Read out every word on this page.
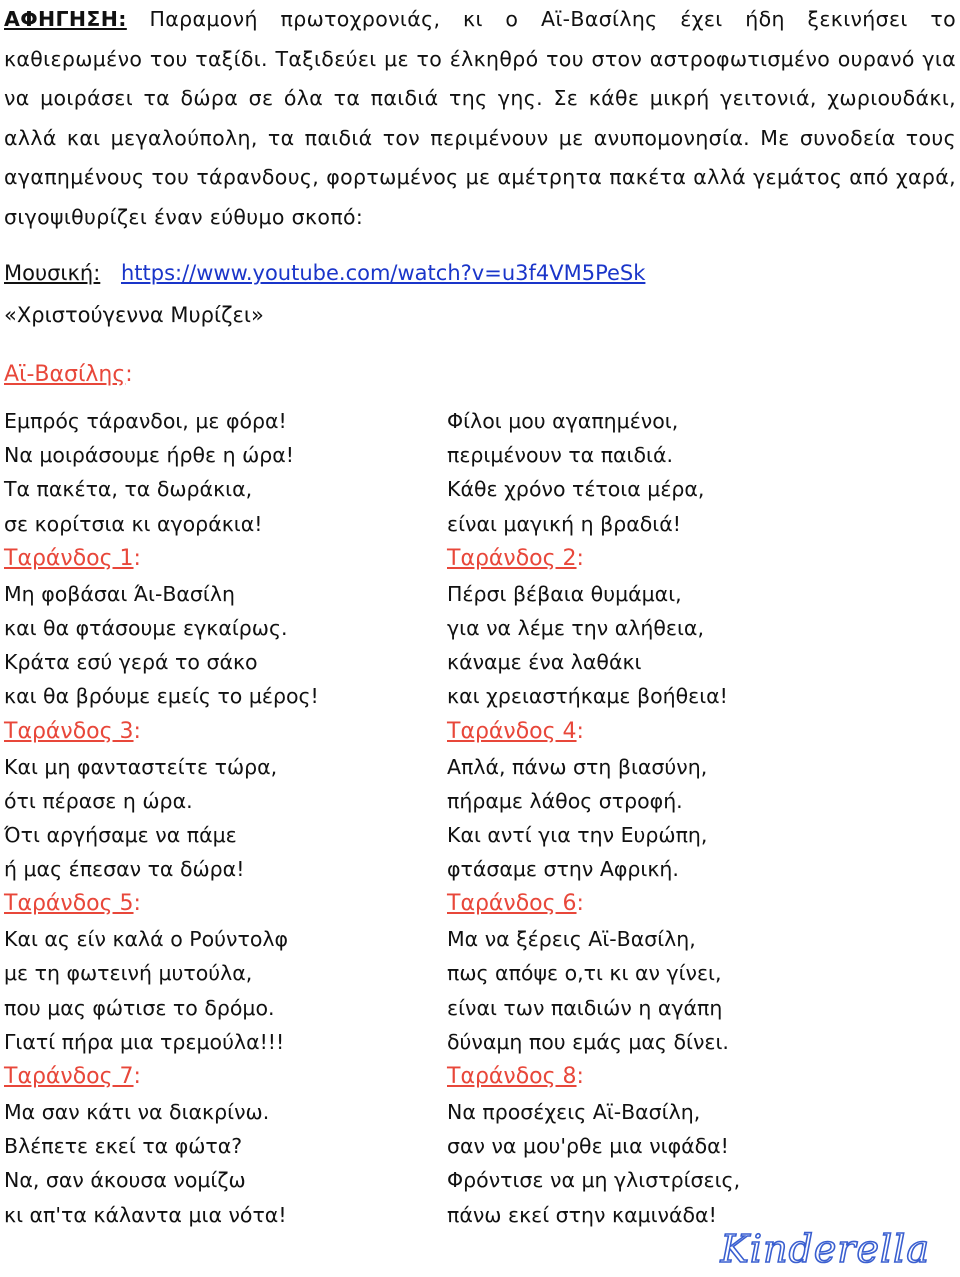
ΑΦΗΓΗΣΗ: Παραμονή πρωτοχρονιάς, κι ο Αϊ-Βασίλης έχει ήδη ξεκινήσει το καθιερωμένο του ταξίδι. Ταξιδεύει με το έλκηθρό του στον αστροφωτισμένο ουρανό για να μοιράσει τα δώρα σε όλα τα παιδιά της γης. Σε κάθε μικρή γειτονιά, χωριουδάκι, αλλά και μεγαλούπολη, τα παιδιά τον περιμένουν με ανυπομονησία. Με συνοδεία τους αγαπημένους του τάρανδους, φορτωμένος με αμέτρητα πακέτα αλλά γεμάτος από χαρά, σιγοψιθυρίζει έναν εύθυμο σκοπό:
Μουσική: https://www.youtube.com/watch?v=u3f4VM5PeSk
«Χριστούγεννα Μυρίζει»
Αϊ-Βασίλης:
Εμπρός τάρανδοι, με φόρα!
Να μοιράσουμε ήρθε η ώρα!
Τα πακέτα, τα δωράκια,
σε κορίτσια κι αγοράκια!
Ταράνδος 1:
Μη φοβάσαι Άι-Βασίλη
και θα φτάσουμε εγκαίρως.
Κράτα εσύ γερά το σάκο
και θα βρόυμε εμείς το μέρος!
Ταράνδος 3:
Και μη φανταστείτε τώρα,
ότι πέρασε η ώρα.
Ότι αργήσαμε να πάμε
ή μας έπεσαν τα δώρα!
Ταράνδος 5:
Και ας είν καλά ο Ρούντολφ
με τη φωτεινή μυτούλα,
που μας φώτισε το δρόμο.
Γιατί πήρα μια τρεμούλα!!!
Ταράνδος 7:
Μα σαν κάτι να διακρίνω.
Βλέπετε εκεί τα φώτα?
Να, σαν άκουσα νομίζω
κι απ'τα κάλαντα μια νότα!
Φίλοι μου αγαπημένοι,
περιμένουν τα παιδιά.
Κάθε χρόνο τέτοια μέρα,
είναι μαγική η βραδιά!
Ταράνδος 2:
Πέρσι βέβαια θυμάμαι,
για να λέμε την αλήθεια,
κάναμε ένα λαθάκι
και χρειαστήκαμε βοήθεια!
Ταράνδος 4:
Απλά, πάνω στη βιασύνη,
πήραμε λάθος στροφή.
Και αντί για την Ευρώπη,
φτάσαμε στην Αφρική.
Ταράνδος 6:
Μα να ξέρεις Αϊ-Βασίλη,
πως απόψε ο,τι κι αν γίνει,
είναι των παιδιών η αγάπη
δύναμη που εμάς μας δίνει.
Ταράνδος 8:
Να προσέχεις Αϊ-Βασίλη,
σαν να μου'ρθε μια νιφάδα!
Φρόντισε να μη γλιστρίσεις,
πάνω εκεί στην καμινάδα!
Kinderella
